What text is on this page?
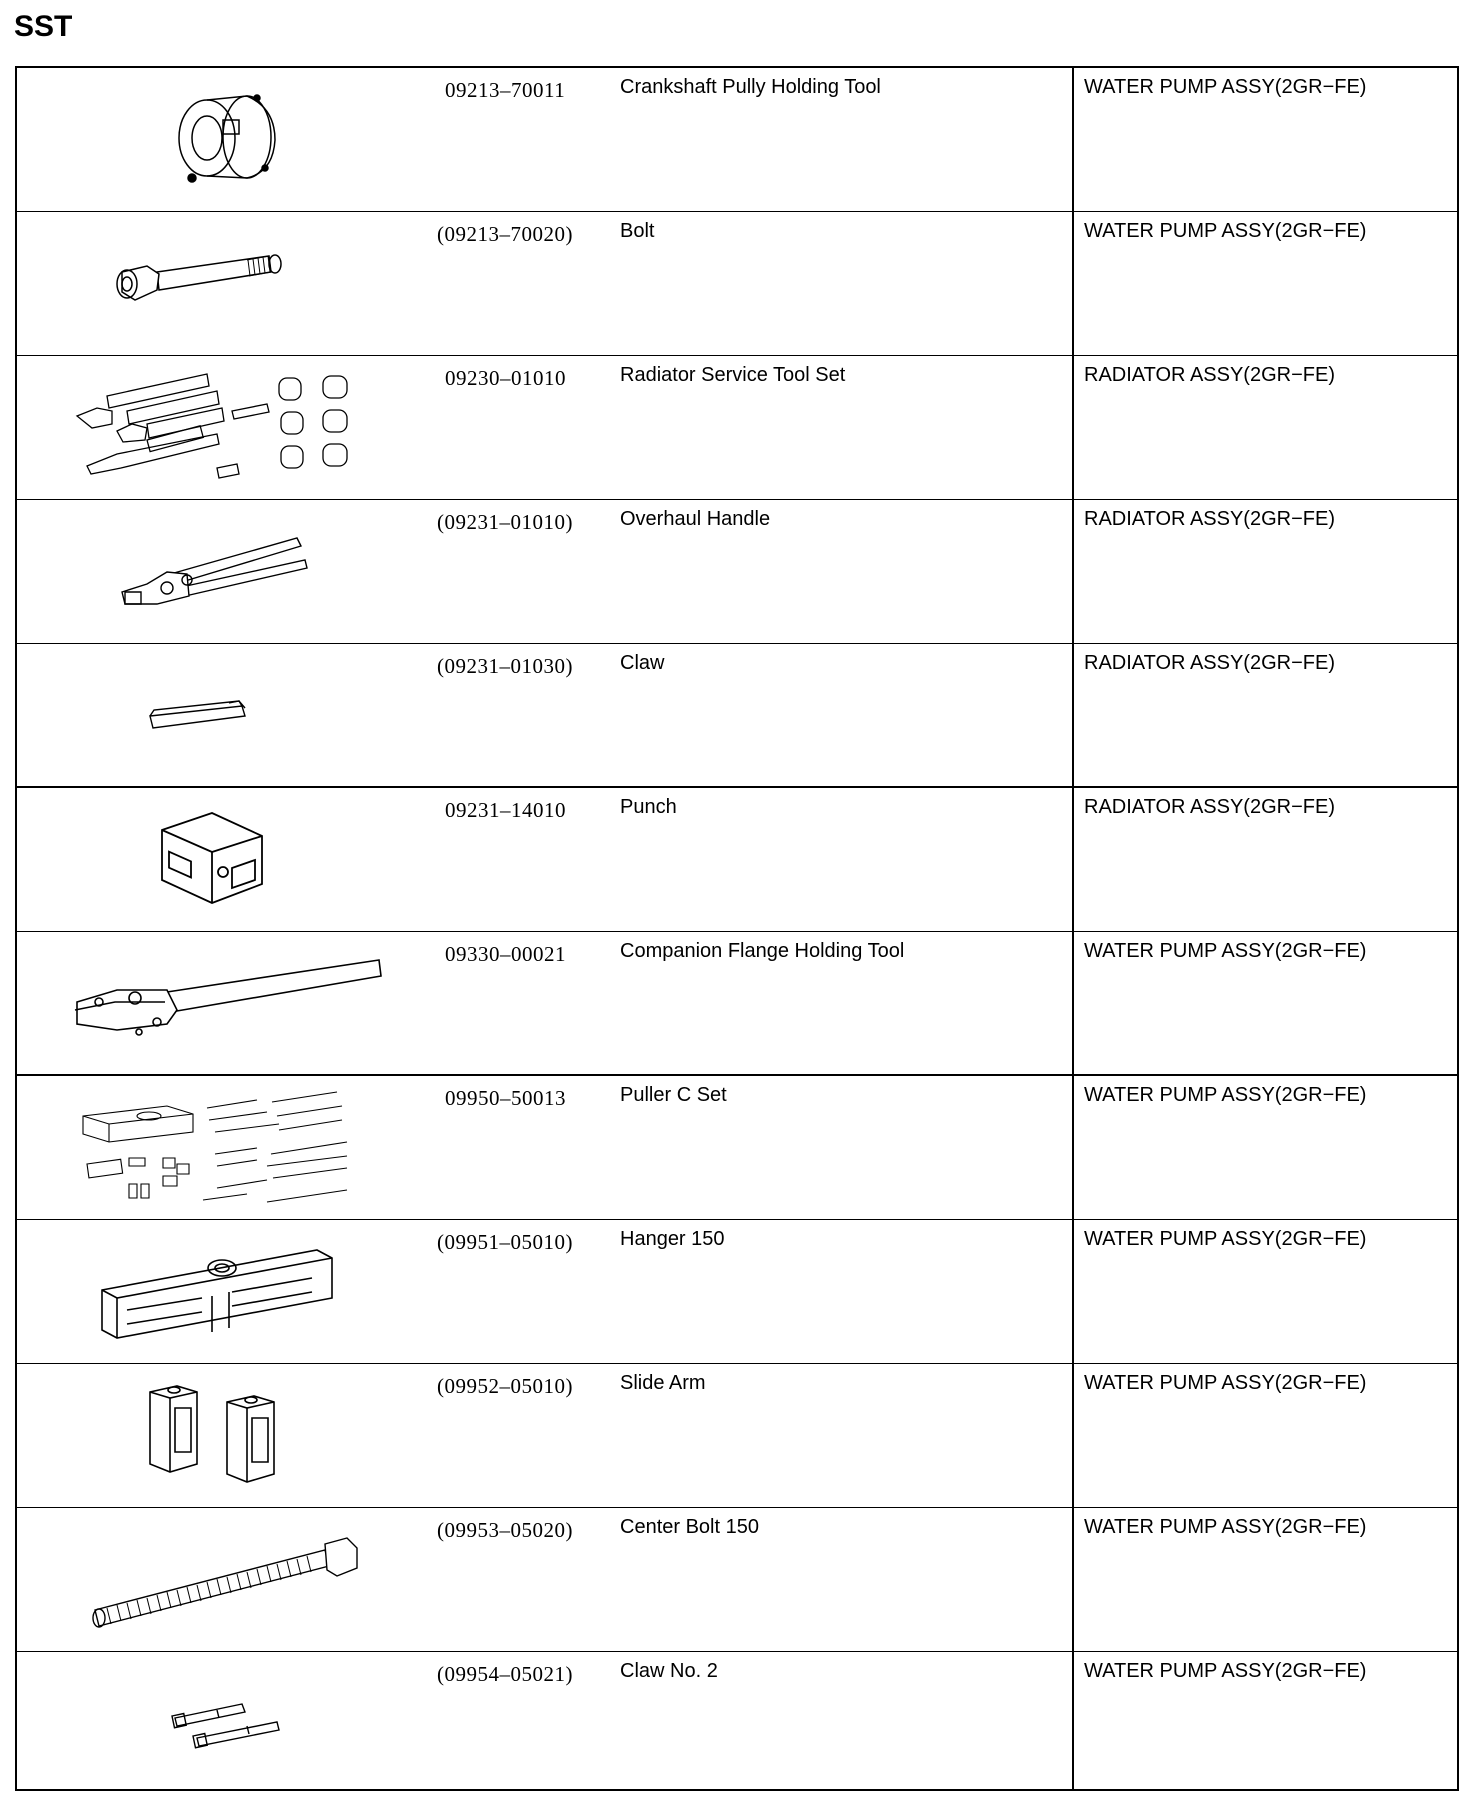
SST
09213–70011	Crankshaft Pully Holding Tool	WATER PUMP ASSY(2GR−FE)
(09213–70020)	Bolt	WATER PUMP ASSY(2GR−FE)
09230–01010	Radiator Service Tool Set	RADIATOR ASSY(2GR−FE)
(09231–01010)	Overhaul Handle	RADIATOR ASSY(2GR−FE)
(09231–01030)	Claw	RADIATOR ASSY(2GR−FE)
09231–14010	Punch	RADIATOR ASSY(2GR−FE)
09330–00021	Companion Flange Holding Tool	WATER PUMP ASSY(2GR−FE)
09950–50013	Puller C Set	WATER PUMP ASSY(2GR−FE)
(09951–05010)	Hanger 150	WATER PUMP ASSY(2GR−FE)
(09952–05010)	Slide Arm	WATER PUMP ASSY(2GR−FE)
(09953–05020)	Center Bolt 150	WATER PUMP ASSY(2GR−FE)
(09954–05021)	Claw No. 2	WATER PUMP ASSY(2GR−FE)
